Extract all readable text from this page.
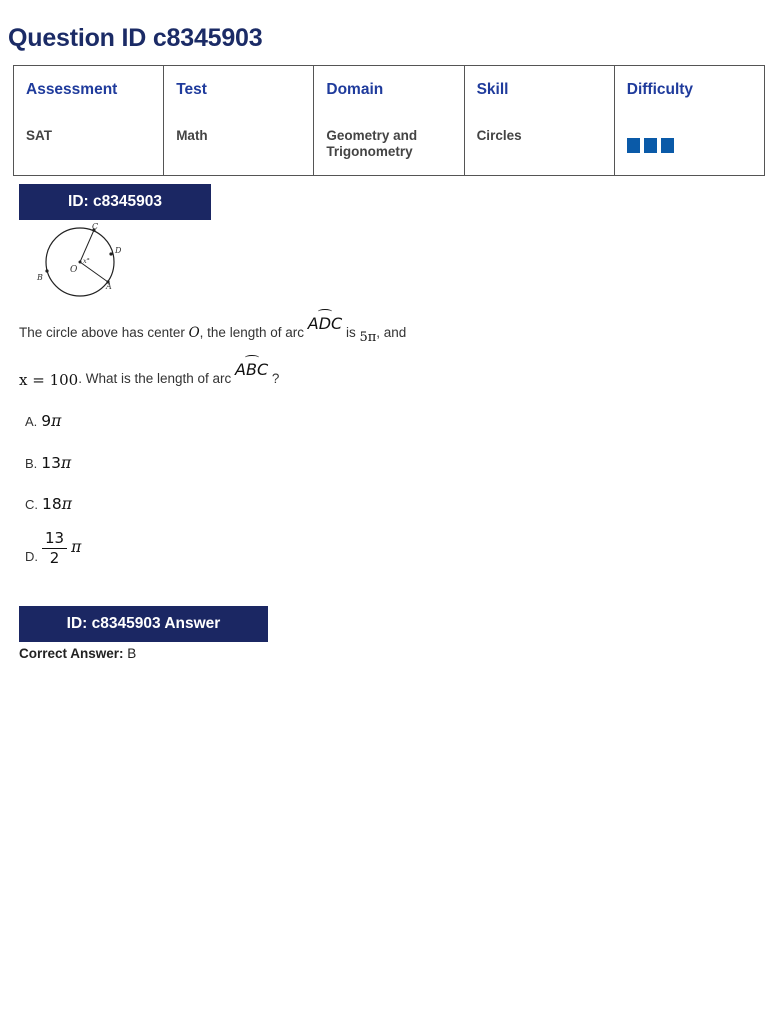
Question ID c8345903
Assessment
SAT

Test
Math

Domain
Geometry and Trigonometry

Skill
Circles

Difficulty
ID: c8345903
O
x°
A
B
C
D
The circle above has center O, the length of arc
ADC is 5π, and
x = 100. What is the length of arc
ABC ?
A. 9 π
B. 13 π
C. 18 π
D. $\frac{13}{2}$ π
ID: c8345903 Answer
Correct Answer: B
